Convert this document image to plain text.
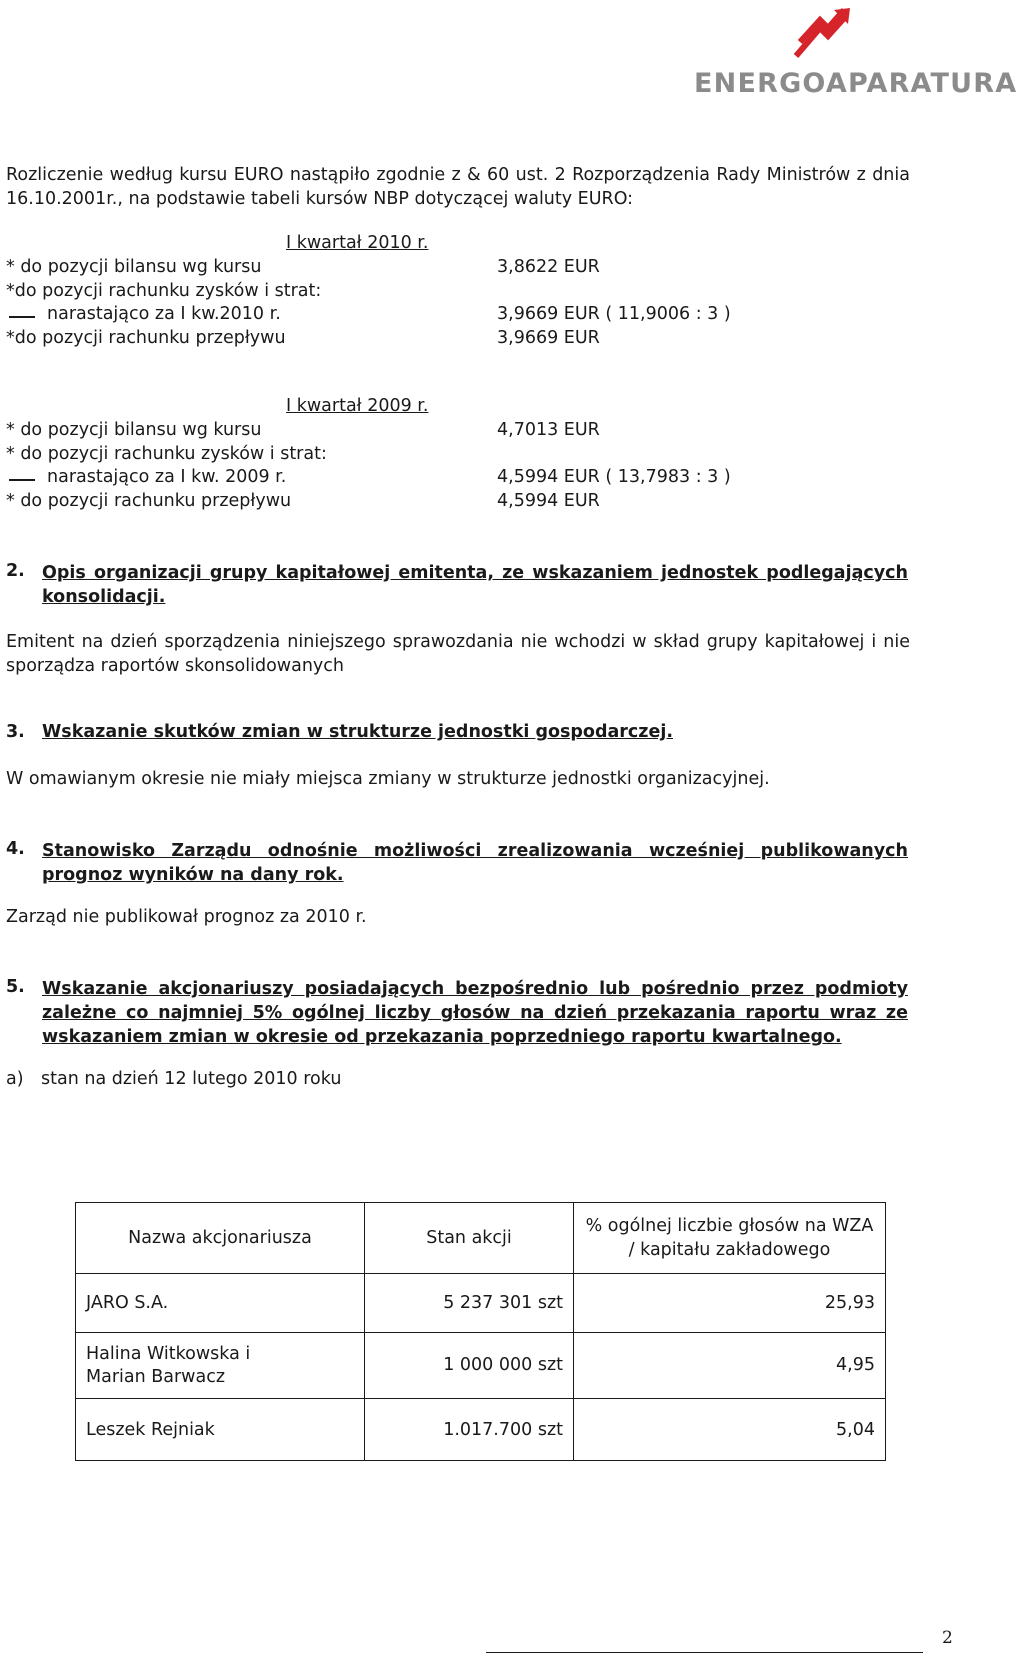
ENERGOAPARATURA

Rozliczenie według kursu EURO nastąpiło zgodnie z & 60 ust. 2 Rozporządzenia Rady Ministrów z dnia 16.10.2001r., na podstawie tabeli kursów NBP dotyczącej waluty EURO:

I kwartał 2010 r.
* do pozycji bilansu wg kursu	3,8622 EUR
*do pozycji rachunku zysków i strat:
narastająco za I kw.2010 r.	3,9669 EUR ( 11,9006 : 3 )
*do pozycji rachunku przepływu	3,9669 EUR
I kwartał 2009 r.
* do pozycji bilansu wg kursu	4,7013 EUR
* do pozycji rachunku zysków i strat:
narastająco za I kw. 2009 r.	4,5994 EUR ( 13,7983 : 3 )
* do pozycji rachunku przepływu	4,5994 EUR
2. Opis organizacji grupy kapitałowej emitenta, ze wskazaniem jednostek podlegających konsolidacji.

Emitent na dzień sporządzenia niniejszego sprawozdania nie wchodzi w skład grupy kapitałowej i nie sporządza raportów skonsolidowanych

3. Wskazanie skutków zmian w strukturze jednostki gospodarczej.
W omawianym okresie nie miały miejsca zmiany w strukturze jednostki organizacyjnej.
4. Stanowisko Zarządu odnośnie możliwości zrealizowania wcześniej publikowanych prognoz wyników na dany rok.

Zarząd nie publikował prognoz za 2010 r.
5. Wskazanie akcjonariuszy posiadających bezpośrednio lub pośrednio przez podmioty zależne co najmniej 5% ogólnej liczby głosów na dzień przekazania raportu wraz ze wskazaniem zmian w okresie od przekazania poprzedniego raportu kwartalnego.

a) stan na dzień 12 lutego 2010 roku
Nazwa akcjonariusza	Stan akcji	% ogólnej liczbie głosów na WZA / kapitału zakładowego
JARO S.A.	5 237 301 szt	25,93
Halina Witkowska i Marian Barwacz	1 000 000 szt	4,95
Leszek Rejniak	1.017.700 szt	5,04
2
